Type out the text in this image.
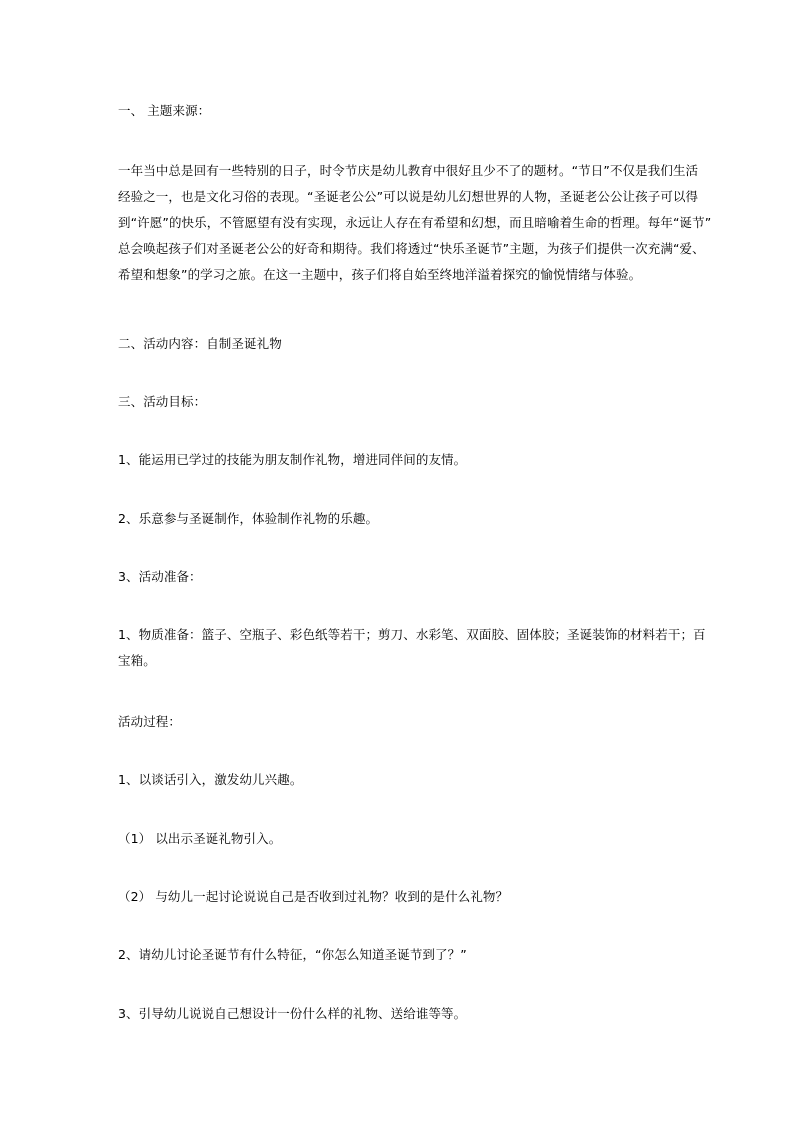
一、 主题来源：
一年当中总是回有一些特别的日子，时令节庆是幼儿教育中很好且少不了的题材。“节日”不仅是我们生活
经验之一，也是文化习俗的表现。“圣诞老公公”可以说是幼儿幻想世界的人物，圣诞老公公让孩子可以得
到“许愿”的快乐，不管愿望有没有实现，永远让人存在有希望和幻想，而且暗喻着生命的哲理。每年“诞节”
总会唤起孩子们对圣诞老公公的好奇和期待。我们将透过“快乐圣诞节”主题，为孩子们提供一次充满“爱、
希望和想象”的学习之旅。在这一主题中，孩子们将自始至终地洋溢着探究的愉悦情绪与体验。
二、活动内容：自制圣诞礼物
三、活动目标：
1、能运用已学过的技能为朋友制作礼物，增进同伴间的友情。
2、乐意参与圣诞制作，体验制作礼物的乐趣。
3、活动准备：
1、物质准备：篮子、空瓶子、彩色纸等若干；剪刀、水彩笔、双面胶、固体胶；圣诞装饰的材料若干；百
宝箱。
活动过程：
1、以谈话引入，激发幼儿兴趣。
（1） 以出示圣诞礼物引入。
（2） 与幼儿一起讨论说说自己是否收到过礼物？收到的是什么礼物？
2、请幼儿讨论圣诞节有什么特征，“你怎么知道圣诞节到了？”
3、引导幼儿说说自己想设计一份什么样的礼物、送给谁等等。
